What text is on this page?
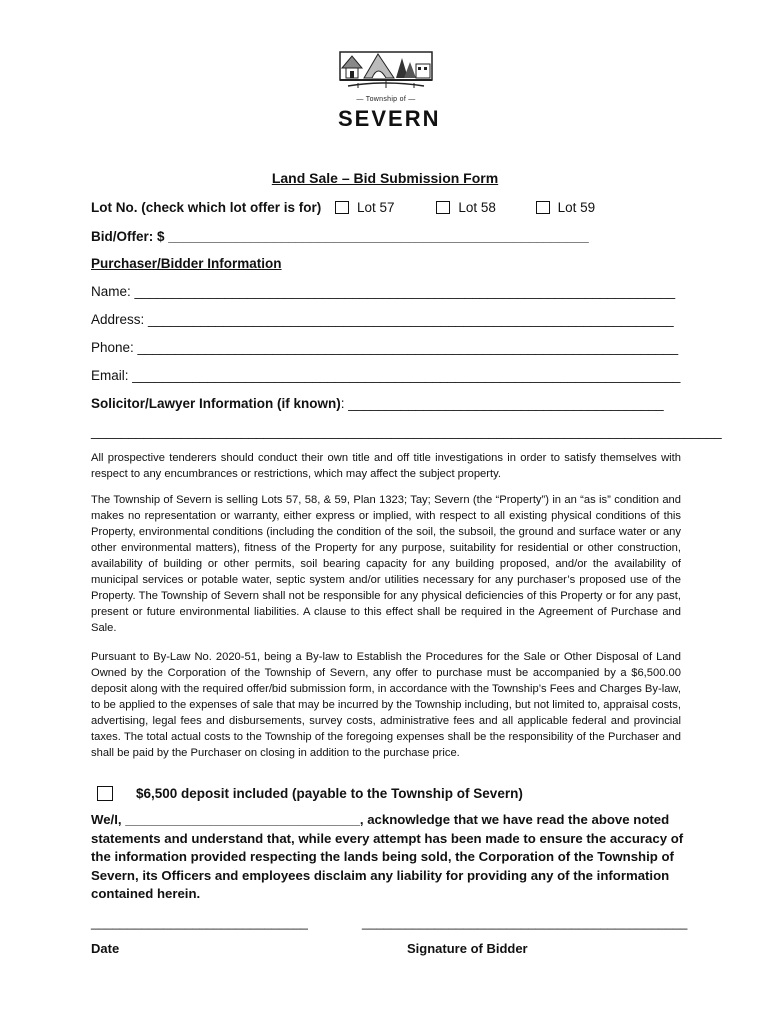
— Township of —
SEVERN
Land Sale – Bid Submission Form
Lot No. (check which lot offer is for)	Lot 57	Lot 58	Lot 59
Bid/Offer: $ ________________________________________________________
Purchaser/Bidder Information
Name: ________________________________________________________________________
Address: ______________________________________________________________________
Phone: ________________________________________________________________________
Email: _________________________________________________________________________
Solicitor/Lawyer Information (if known): __________________________________________
____________________________________________________________________________________
All prospective tenderers should conduct their own title and off title investigations in order to satisfy themselves with respect to any encumbrances or restrictions, which may affect the subject property.
The Township of Severn is selling Lots 57, 58, & 59, Plan 1323; Tay; Severn (the “Property”) in an “as is” condition and makes no representation or warranty, either express or implied, with respect to all existing physical conditions of this Property, environmental conditions (including the condition of the soil, the subsoil, the ground and surface water or any other environmental matters), fitness of the Property for any purpose, suitability for residential or other construction, availability of building or other permits, soil bearing capacity for any building proposed, and/or the availability of municipal services or potable water, septic system and/or utilities necessary for any purchaser’s proposed use of the Property. The Township of Severn shall not be responsible for any physical deficiencies of this Property or for any past, present or future environmental liabilities. A clause to this effect shall be required in the Agreement of Purchase and Sale.
Pursuant to By-Law No. 2020-51, being a By-law to Establish the Procedures for the Sale or Other Disposal of Land Owned by the Corporation of the Township of Severn, any offer to purchase must be accompanied by a $6,500.00 deposit along with the required offer/bid submission form, in accordance with the Township’s Fees and Charges By-law, to be applied to the expenses of sale that may be incurred by the Township including, but not limited to, appraisal costs, advertising, legal fees and disbursements, survey costs, administrative fees and all applicable federal and provincial taxes. The total actual costs to the Township of the foregoing expenses shall be the responsibility of the Purchaser and shall be paid by the Purchaser on closing in addition to the purchase price.
$6,500 deposit included (payable to the Township of Severn)
We/I, ________________________________, acknowledge that we have read the above noted statements and understand that, while every attempt has been made to ensure the accuracy of the information provided respecting the lands being sold, the Corporation of the Township of Severn, its Officers and employees disclaim any liability for providing any of the information contained herein.
______________________________	_____________________________________________
Date	Signature of Bidder
